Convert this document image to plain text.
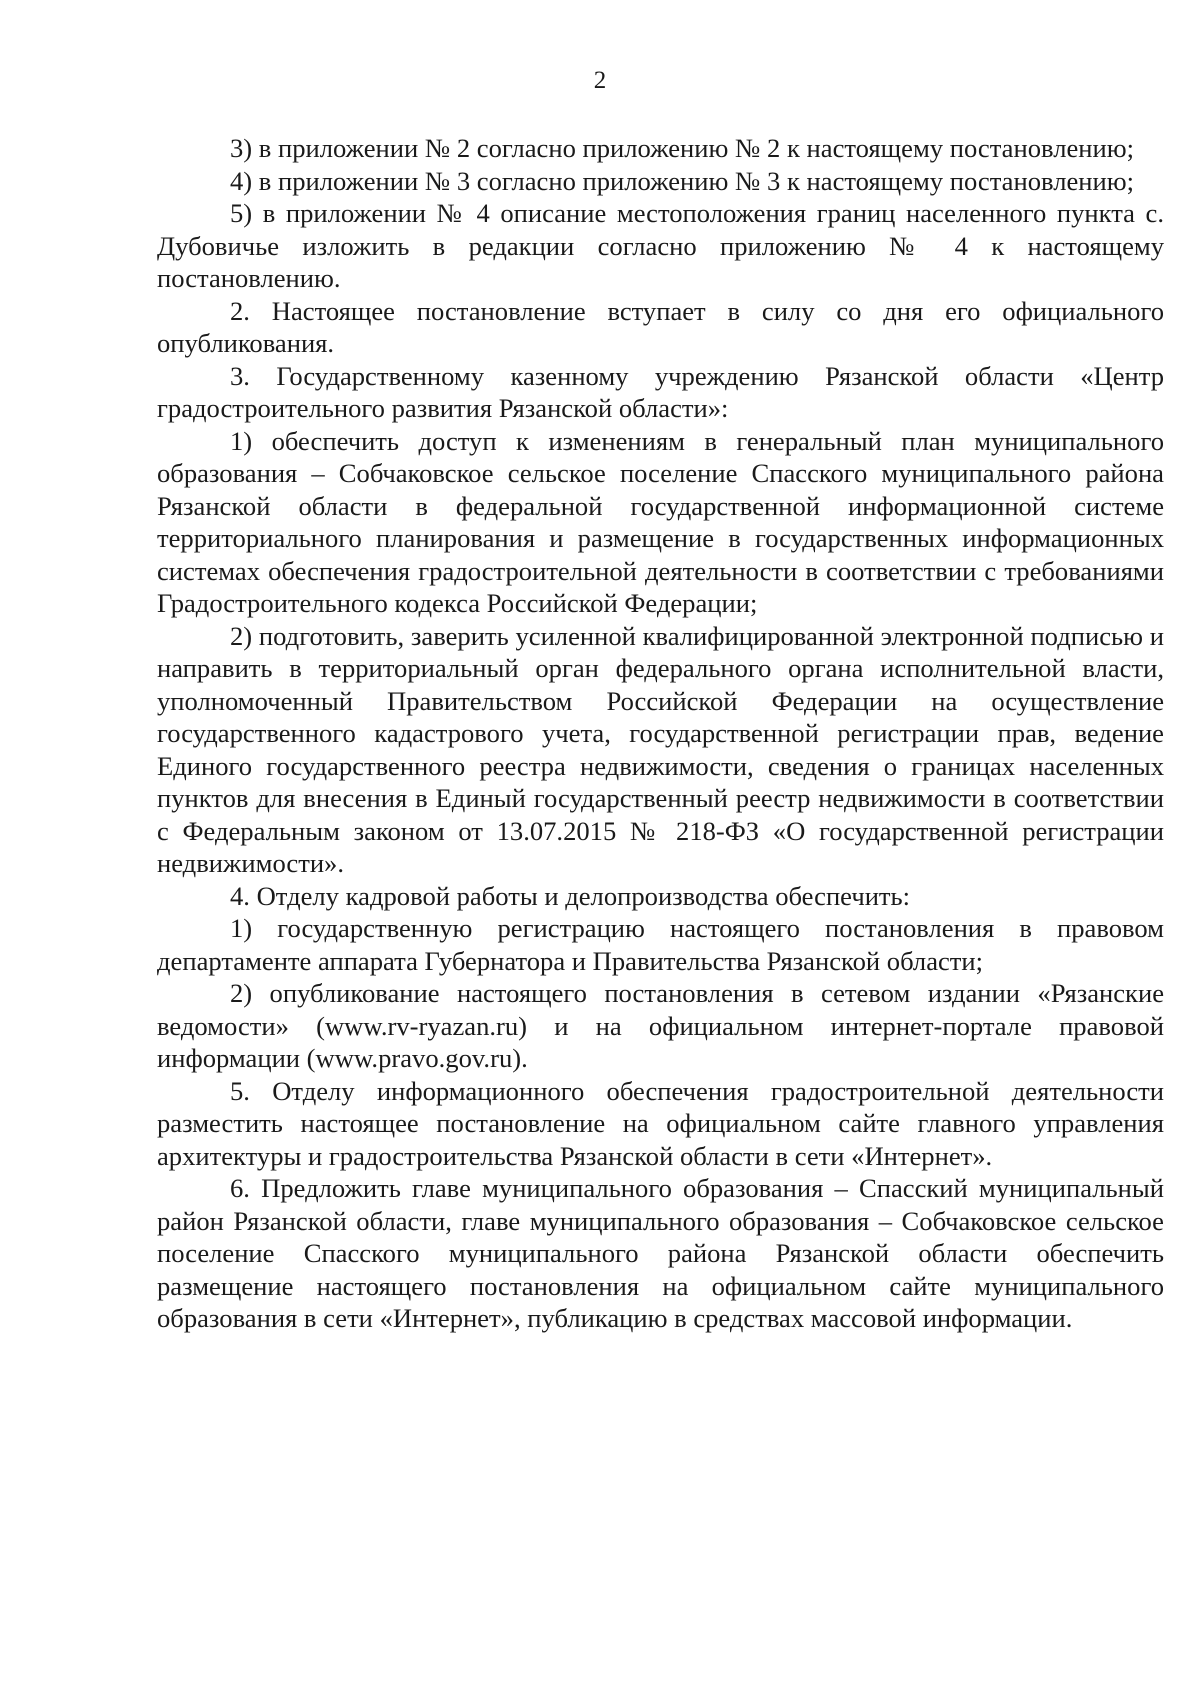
2

3) в приложении № 2 согласно приложению № 2 к настоящему постановлению;

4) в приложении № 3 согласно приложению № 3 к настоящему постановлению;

5) в приложении № 4 описание местоположения границ населенного пункта с. Дубовичье изложить в редакции согласно приложению № 4 к настоящему постановлению.

2. Настоящее постановление вступает в силу со дня его официального опубликования.

3. Государственному казенному учреждению Рязанской области «Центр градостроительного развития Рязанской области»:

1) обеспечить доступ к изменениям в генеральный план муниципального образования – Собчаковское сельское поселение Спасского муниципального района Рязанской области в федеральной государственной информационной системе территориального планирования и размещение в государственных информационных системах обеспечения градостроительной деятельности в соответствии с требованиями Градостроительного кодекса Российской Федерации;

2) подготовить, заверить усиленной квалифицированной электронной подписью и направить в территориальный орган федерального органа исполнительной власти, уполномоченный Правительством Российской Федерации на осуществление государственного кадастрового учета, государственной регистрации прав, ведение Единого государственного реестра недвижимости, сведения о границах населенных пунктов для внесения в Единый государственный реестр недвижимости в соответствии с Федеральным законом от 13.07.2015 № 218-ФЗ «О государственной регистрации недвижимости».

4. Отделу кадровой работы и делопроизводства обеспечить:

1) государственную регистрацию настоящего постановления в правовом департаменте аппарата Губернатора и Правительства Рязанской области;

2) опубликование настоящего постановления в сетевом издании «Рязанские ведомости» (www.rv-ryazan.ru) и на официальном интернет-портале правовой информации (www.pravo.gov.ru).

5. Отделу информационного обеспечения градостроительной деятельности разместить настоящее постановление на официальном сайте главного управления архитектуры и градостроительства Рязанской области в сети «Интернет».

6. Предложить главе муниципального образования – Спасский муниципальный район Рязанской области, главе муниципального образования – Собчаковское сельское поселение Спасского муниципального района Рязанской области обеспечить размещение настоящего постановления на официальном сайте муниципального образования в сети «Интернет», публикацию в средствах массовой информации.
